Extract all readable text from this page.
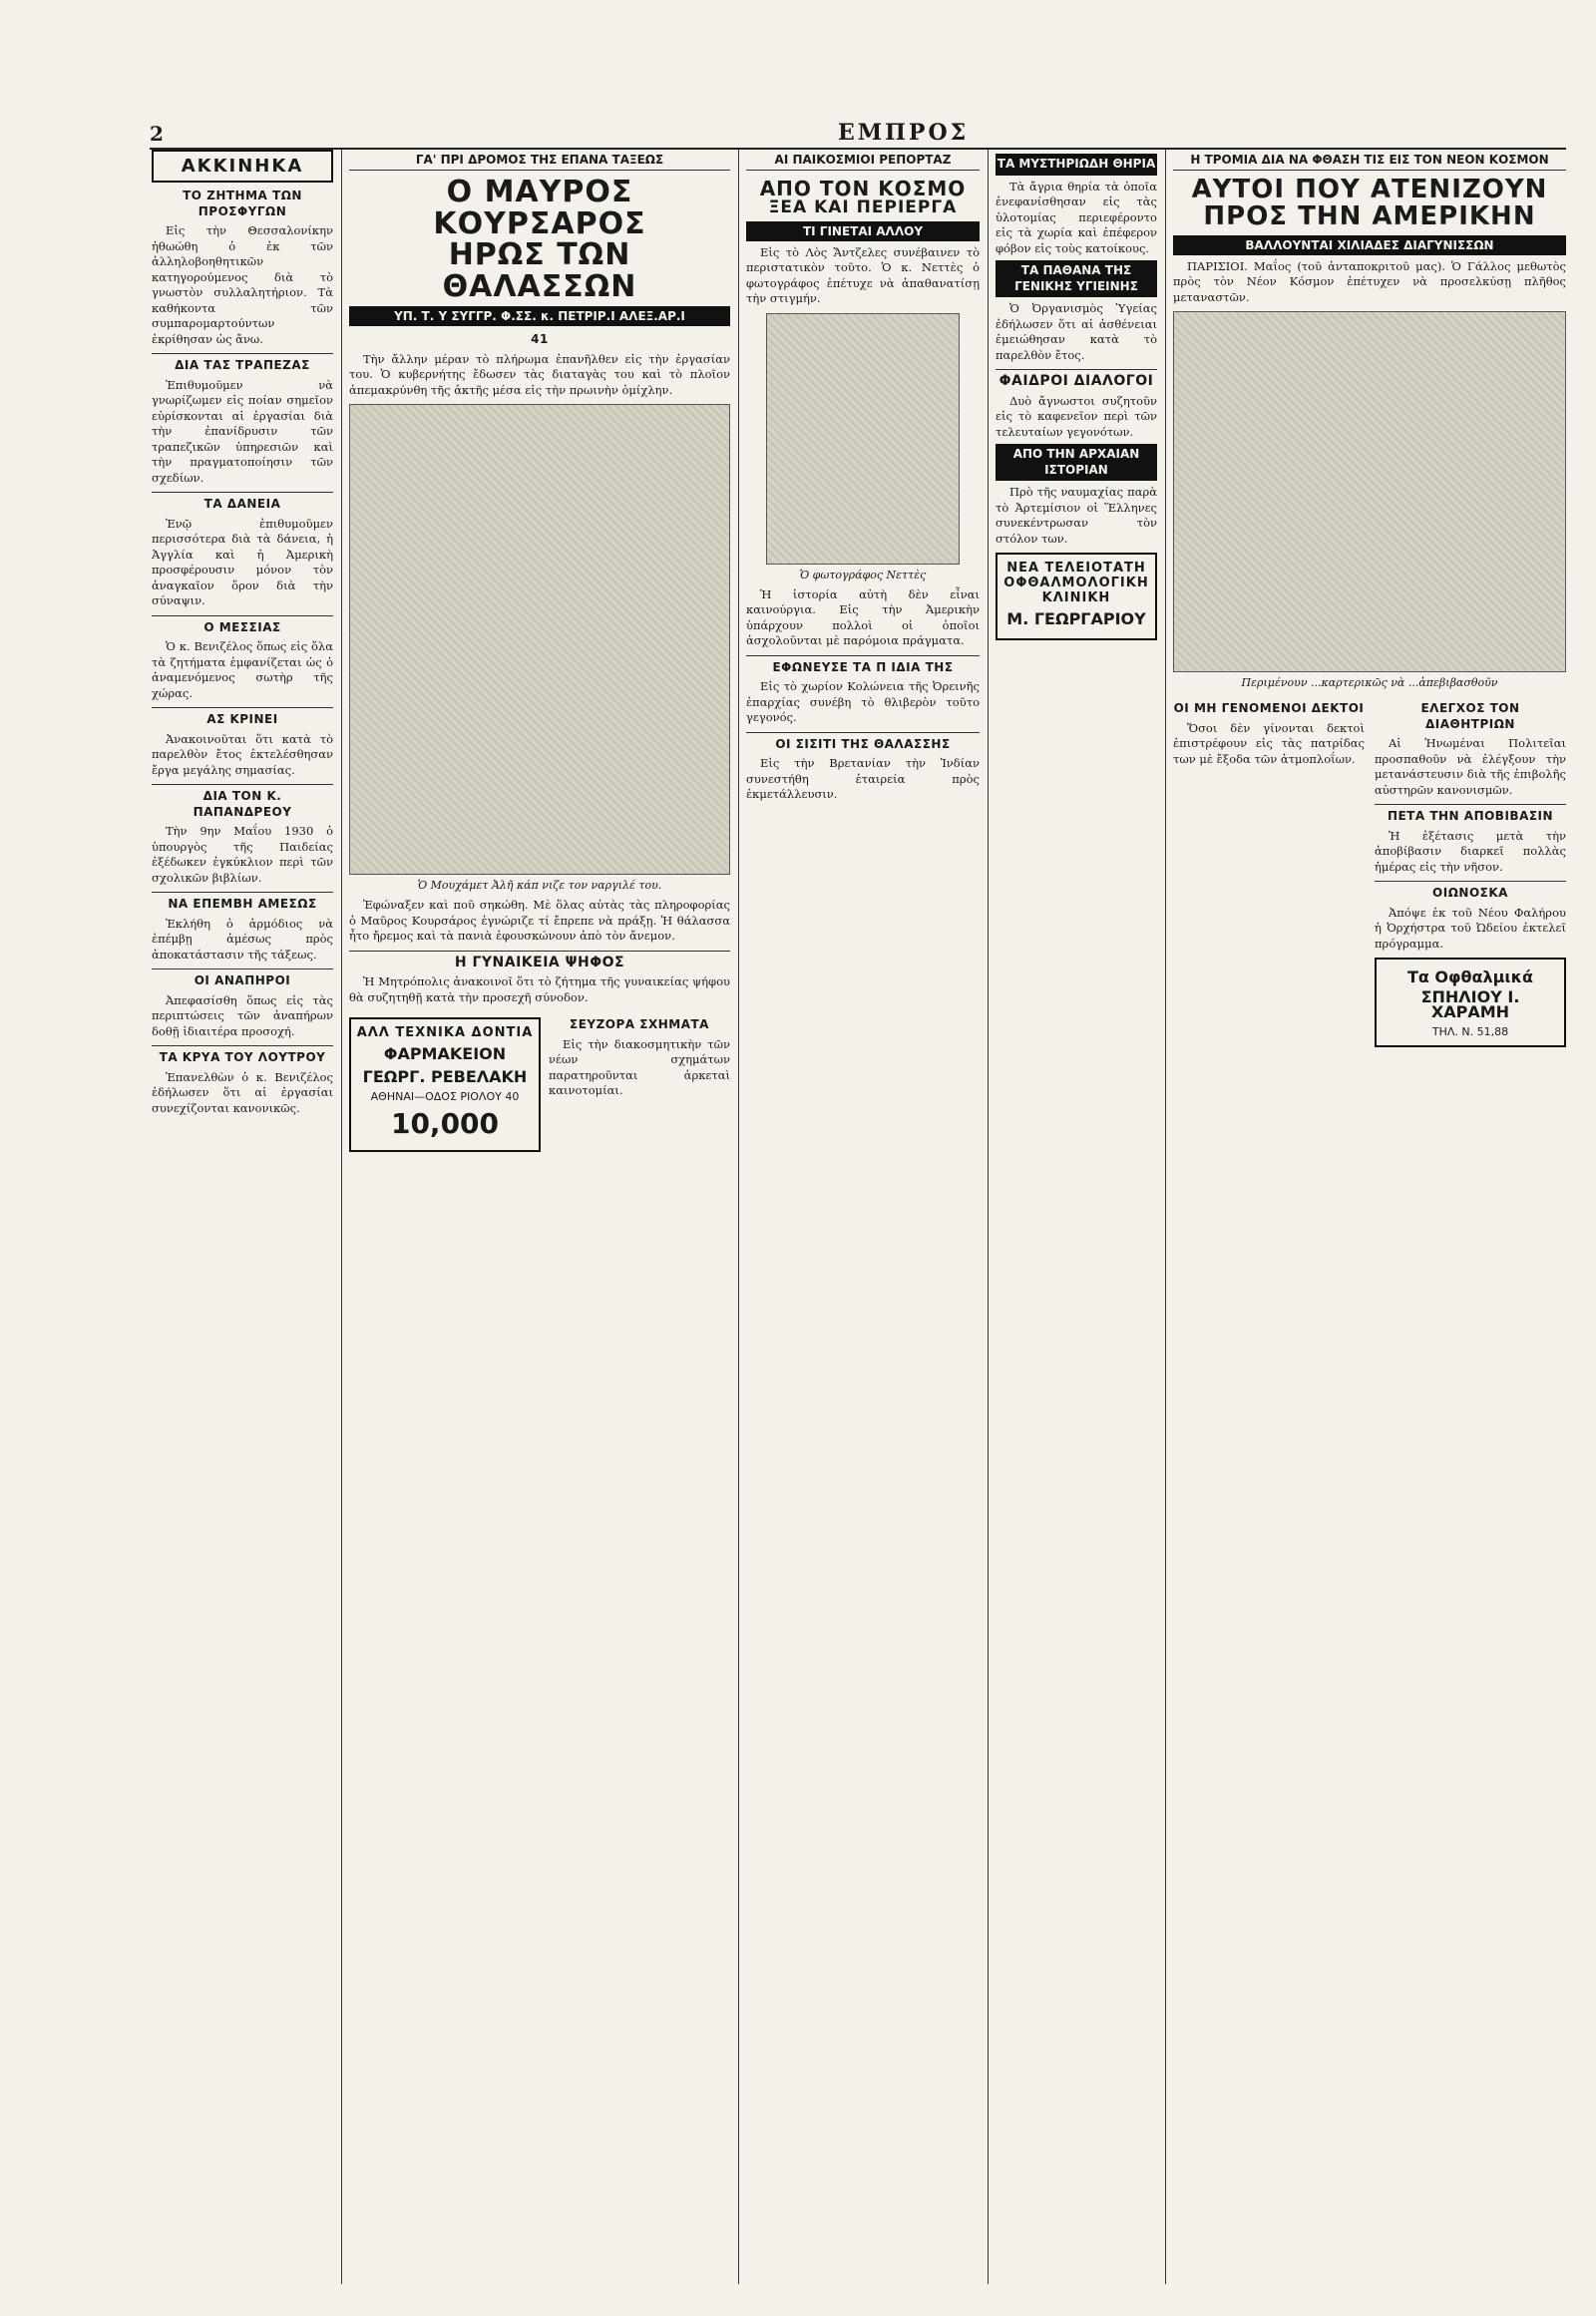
2	ΕΜΠΡΟΣ
ΑΚΚΙΝΗΚΑ
ΤΟ ΖΗΤΗΜΑ ΤΩΝ ΠΡΟΣΦΥΓΩΝ

Εἰς τὴν Θεσσαλονίκην ἠθωώθη ὁ ἐκ τῶν ἀλληλοβοηθητικῶν κατηγορούμενος διὰ τὸ γνωστὸν συλλαλητήριον. Τὰ καθήκοντα τῶν συμπαρομαρτούντων ἐκρίθησαν ὡς ἄνω.

ΔΙΑ ΤΑΣ ΤΡΑΠΕΖΑΣ

Ἐπιθυμοῦμεν νὰ γνωρίζωμεν εἰς ποίαν σημεῖον εὑρίσκονται αἱ ἐργασίαι διὰ τὴν ἐπανίδρυσιν τῶν τραπεζικῶν ὑπηρεσιῶν καὶ τὴν πραγματοποίησιν τῶν σχεδίων.

ΤΑ ΔΑΝΕΙΑ

Ἐνῷ ἐπιθυμοῦμεν περισσότερα διὰ τὰ δάνεια, ἡ Ἀγγλία καὶ ἡ Ἀμερικὴ προσφέρουσιν μόνον τὸν ἀναγκαῖον ὅρον διὰ τὴν σύναψιν.

Ο ΜΕΣΣΙΑΣ

Ὁ κ. Βενιζέλος ὅπως εἰς ὅλα τὰ ζητήματα ἐμφανίζεται ὡς ὁ ἀναμενόμενος σωτὴρ τῆς χώρας.

ΑΣ ΚΡΙΝΕΙ

Ἀνακοινοῦται ὅτι κατὰ τὸ παρελθὸν ἔτος ἐκτελέσθησαν ἔργα μεγάλης σημασίας.

ΔΙΑ ΤΟΝ Κ. ΠΑΠΑΝΔΡΕΟΥ

Τὴν 9ην Μαΐου 1930 ὁ ὑπουργὸς τῆς Παιδείας ἐξέδωκεν ἐγκύκλιον περὶ τῶν σχολικῶν βιβλίων.

ΝΑ ΕΠΕΜΒΗ ΑΜΕΣΩΣ

Ἐκλήθη ὁ ἀρμόδιος νὰ ἐπέμβῃ ἀμέσως πρὸς ἀποκατάστασιν τῆς τάξεως.

ΟΙ ΑΝΑΠΗΡΟΙ

Ἀπεφασίσθη ὅπως εἰς τὰς περιπτώσεις τῶν ἀναπήρων δοθῇ ἰδιαιτέρα προσοχή.

ΤΑ ΚΡΥΑ ΤΟΥ ΛΟΥΤΡΟΥ

Ἐπανελθὼν ὁ κ. Βενιζέλος ἐδήλωσεν ὅτι αἱ ἐργασίαι συνεχίζονται κανονικῶς.

ΓΑ' ΠΡΙ ΔΡΟΜΟΣ ΤΗΣ ΕΠΑΝΑ ΤΑΞΕΩΣ
Ο ΜΑΥΡΟΣ ΚΟΥΡΣΑΡΟΣ
ΗΡΩΣ ΤΩΝ ΘΑΛΑΣΣΩΝ
ΥΠ. Τ. Υ ΣΥΓΓΡ. Φ.ΣΣ. κ. ΠΕΤΡΙΡ.Ι ΑΛΕΞ.ΑΡ.Ι
41

Τὴν ἄλλην μέραν τὸ πλήρωμα ἐπανῆλθεν εἰς τὴν ἐργασίαν του. Ὁ κυβερνήτης ἔδωσεν τὰς διαταγὰς του καὶ τὸ πλοῖον ἀπεμακρύνθη τῆς ἀκτῆς μέσα εἰς τὴν πρωινὴν ὁμίχλην.

Ὁ Μουχάμετ Ἀλῆ κάπ νιζε τον ναργιλέ του.

Ἐφώναξεν καὶ ποῦ σηκώθη. Μὲ ὅλας αὐτὰς τὰς πληροφορίας ὁ Μαῦρος Κουρσάρος ἐγνώριζε τί ἔπρεπε νὰ πράξῃ. Ἡ θάλασσα ἦτο ἤρεμος καὶ τὰ πανιὰ ἐφουσκώνουν ἀπὸ τὸν ἄνεμον.

Η ΓΥΝΑΙΚΕΙΑ ΨΗΦΟΣ

Ἡ Μητρόπολις ἀνακοινοῖ ὅτι τὸ ζήτημα τῆς γυναικείας ψήφου θὰ συζητηθῇ κατὰ τὴν προσεχῆ σύνοδον.

ΑΛΛ ΤΕΧΝΙΚΑ ΔΟΝΤΙΑ
ΦΑΡΜΑΚΕΙΟΝ
ΓΕΩΡΓ. ΡΕΒΕΛΑΚΗ
ΑΘΗΝΑΙ—ΟΔΟΣ ΡΙΟΛΟΥ 40
10,000
ΣΕΥΖΟΡΑ ΣΧΗΜΑΤΑ

Εἰς τὴν διακοσμητικὴν τῶν νέων σχημάτων παρατηροῦνται ἀρκεταὶ καινοτομίαι.

ΑΙ ΠΑΙΚΟΣΜΙΟΙ ΡΕΠΟΡΤΑΖ
ΑΠΟ ΤΟΝ ΚΟΣΜΟ
ΞΕΑ ΚΑΙ ΠΕΡΙΕΡΓΑ
ΤΙ ΓΙΝΕΤΑΙ ΑΛΛΟΥ

Εἰς τὸ Λὸς Ἄντζελες συνέβαινεν τὸ περιστατικὸν τοῦτο. Ὁ κ. Νεττὲς ὁ φωτογράφος ἐπέτυχε νὰ ἀπαθανατίσῃ τὴν στιγμήν.

Ὁ φωτογράφος Νεττὲς

Ἡ ἱστορία αὐτὴ δὲν εἶναι καινούργια. Εἰς τὴν Ἀμερικὴν ὑπάρχουν πολλοὶ οἱ ὁποῖοι ἀσχολοῦνται μὲ παρόμοια πράγματα.

ΕΦΩΝΕΥΣΕ ΤΑ Π ΙΔΙΑ ΤΗΣ

Εἰς τὸ χωρίον Κολώνεια τῆς Ὀρεινῆς ἐπαρχίας συνέβη τὸ θλιβερὸν τοῦτο γεγονός.

ΟΙ ΣΙΣΙΤΙ ΤΗΣ ΘΑΛΑΣΣΗΣ

Εἰς τὴν Βρετανίαν τὴν Ἰνδίαν συνεστήθη ἑταιρεία πρὸς ἐκμετάλλευσιν.

ΤΑ ΜΥΣΤΗΡΙΩΔΗ ΘΗΡΙΑ

Τὰ ἄγρια θηρία τὰ ὁποῖα ἐνεφανίσθησαν εἰς τὰς ὑλοτομίας περιεφέροντο εἰς τὰ χωρία καὶ ἐπέφερον φόβον εἰς τοὺς κατοίκους.

ΤΑ ΠΑΘΑΝΑ ΤΗΣ ΓΕΝΙΚΗΣ ΥΓΙΕΙΝΗΣ

Ὁ Ὀργανισμὸς Ὑγείας ἐδήλωσεν ὅτι αἱ ἀσθένειαι ἐμειώθησαν κατὰ τὸ παρελθὸν ἔτος.

ΦΑΙΔΡΟΙ ΔΙΑΛΟΓΟΙ

Δυὸ ἄγνωστοι συζητοῦν εἰς τὸ καφενεῖον περὶ τῶν τελευταίων γεγονότων.

ΑΠΟ ΤΗΝ ΑΡΧΑΙΑΝ ΙΣΤΟΡΙΑΝ

Πρὸ τῆς ναυμαχίας παρὰ τὸ Ἀρτεμίσιον οἱ Ἕλληνες συνεκέντρωσαν τὸν στόλον των.

ΝΕΑ ΤΕΛΕΙΟΤΑΤΗ
ΟΦΘΑΛΜΟΛΟΓΙΚΗ ΚΛΙΝΙΚΗ
Μ. ΓΕΩΡΓΑΡΙΟΥ
Η ΤΡΟΜΙΑ ΔΙΑ ΝΑ ΦΘΑΣΗ ΤΙΣ ΕΙΣ ΤΟΝ ΝΕΟΝ ΚΟΣΜΟΝ
ΑΥΤΟΙ ΠΟΥ ΑΤΕΝΙΖΟΥΝ
ΠΡΟΣ ΤΗΝ ΑΜΕΡΙΚΗΝ
ΒΑΛΛΟΥΝΤΑΙ ΧΙΛΙΑΔΕΣ ΔΙΑΓΥΝΙΣΣΩΝ

ΠΑΡΙΣΙΟΙ. Μαΐος (τοῦ ἀνταποκριτοῦ μας). Ὁ Γάλλος μεθωτὸς πρὸς τὸν Νέον Κόσμον ἐπέτυχεν νὰ προσελκύσῃ πλῆθος μεταναστῶν.

Περιμένουν ...καρτερικῶς νὰ ...ἀπεβιβασθοῦν
ΟΙ ΜΗ ΓΕΝΟΜΕΝΟΙ ΔΕΚΤΟΙ

Ὅσοι δὲν γίνονται δεκτοὶ ἐπιστρέφουν εἰς τὰς πατρίδας των μὲ ἔξοδα τῶν ἀτμοπλοΐων.

ΕΛΕΓΧΟΣ ΤΟΝ ΔΙΑΘΗΤΡΙΩΝ

Αἱ Ἡνωμέναι Πολιτεῖαι προσπαθοῦν νὰ ἐλέγξουν τὴν μετανάστευσιν διὰ τῆς ἐπιβολῆς αὐστηρῶν κανονισμῶν.

ΠΕΤΑ ΤΗΝ ΑΠΟΒΙΒΑΣΙΝ

Ἡ ἐξέτασις μετὰ τὴν ἀποβίβασιν διαρκεῖ πολλὰς ἡμέρας εἰς τὴν νῆσον.

ΟΙΩΝΟΣΚΑ

Ἀπόψε ἐκ τοῦ Νέου Φαλήρου ἡ Ὀρχήστρα τοῦ Ὠδείου ἐκτελεῖ πρόγραμμα.

Τα Οφθαλμικά
ΣΠΗΛΙΟΥ Ι. ΧΑΡΑΜΗ
ΤΗΛ. Ν. 51,88
